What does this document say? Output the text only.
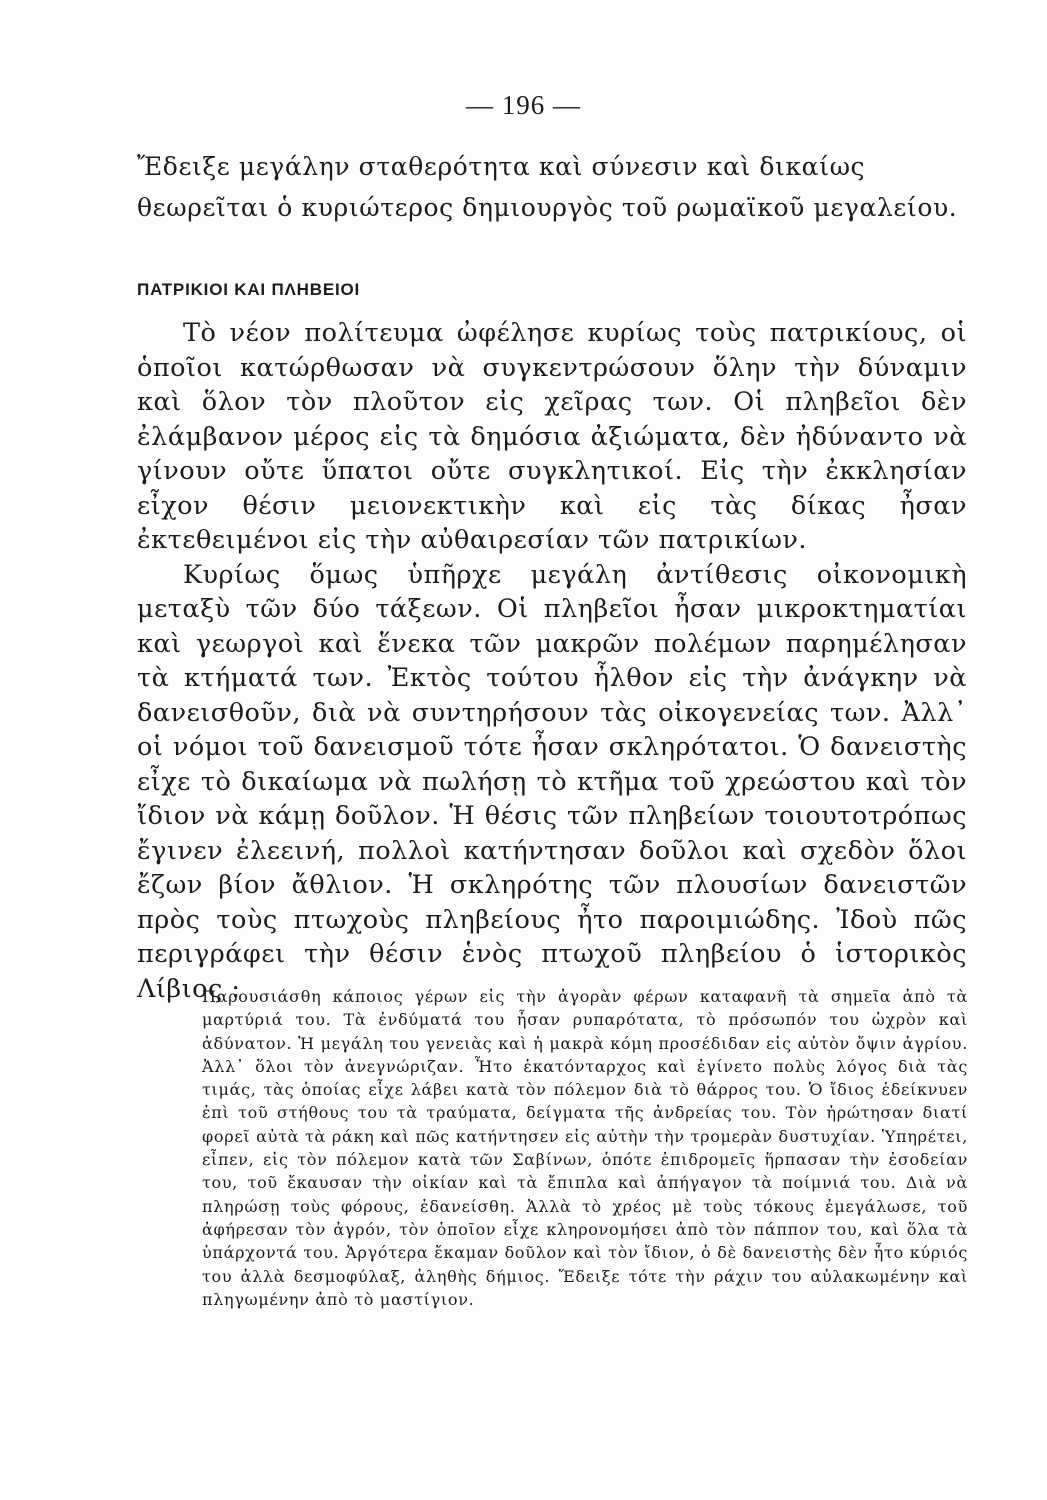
— 196 —

Ἔδειξε μεγάλην σταθερότητα καὶ σύνεσιν καὶ δικαίως θεωρεῖται ὁ κυριώτερος δημιουργὸς τοῦ ρωμαϊκοῦ μεγαλείου.

ΠΑΤΡΙΚΙΟΙ ΚΑΙ ΠΛΗΒΕΙΟΙ

Τὸ νέον πολίτευμα ὠφέλησε κυρίως τοὺς πατρικίους, οἱ ὁποῖοι κατώρθωσαν νὰ συγκεντρώσουν ὅλην τὴν δύναμιν καὶ ὅλον τὸν πλοῦτον εἰς χεῖρας των. Οἱ πληβεῖοι δὲν ἐλάμβανον μέρος εἰς τὰ δημόσια ἀξιώματα, δὲν ἠδύναντο νὰ γίνουν οὔτε ὕπατοι οὔτε συγκλητικοί. Εἰς τὴν ἐκκλησίαν εἶχον θέσιν μειονεκτικὴν καὶ εἰς τὰς δίκας ἦσαν ἐκτεθειμένοι εἰς τὴν αὐθαιρεσίαν τῶν πατρικίων.

Κυρίως ὅμως ὑπῆρχε μεγάλη ἀντίθεσις οἰκονομικὴ μεταξὺ τῶν δύο τάξεων. Οἱ πληβεῖοι ἦσαν μικροκτηματίαι καὶ γεωργοὶ καὶ ἕνεκα τῶν μακρῶν πολέμων παρημέλησαν τὰ κτήματά των. Ἐκτὸς τούτου ἦλθον εἰς τὴν ἀνάγκην νὰ δανεισθοῦν, διὰ νὰ συντηρήσουν τὰς οἰκογενείας των. Ἀλλ᾽ οἱ νόμοι τοῦ δανεισμοῦ τότε ἦσαν σκληρότατοι. Ὁ δανειστὴς εἶχε τὸ δικαίωμα νὰ πωλήσῃ τὸ κτῆμα τοῦ χρεώστου καὶ τὸν ἴδιον νὰ κάμῃ δοῦλον. Ἡ θέσις τῶν πληβείων τοιουτοτρόπως ἔγινεν ἐλεεινή, πολλοὶ κατήντησαν δοῦλοι καὶ σχεδὸν ὅλοι ἔζων βίον ἄθλιον. Ἡ σκληρότης τῶν πλουσίων δανειστῶν πρὸς τοὺς πτωχοὺς πληβείους ἦτο παροιμιώδης. Ἰδοὺ πῶς περιγράφει τὴν θέσιν ἑνὸς πτωχοῦ πληβείου ὁ ἱστορικὸς Λίβιος :

Παρουσιάσθη κάποιος γέρων εἰς τὴν ἀγορὰν φέρων καταφανῆ τὰ σημεῖα ἀπὸ τὰ μαρτύριά του. Τὰ ἐνδύματά του ἦσαν ρυπαρότατα, τὸ πρόσωπόν του ὠχρὸν καὶ ἀδύνατον. Ἡ μεγάλη του γενειὰς καὶ ἡ μακρὰ κόμη προσέδιδαν εἰς αὐτὸν ὄψιν ἀγρίου. Ἀλλ᾽ ὅλοι τὸν ἀνεγνώριζαν. Ἦτο ἑκατόνταρχος καὶ ἐγίνετο πολὺς λόγος διὰ τὰς τιμάς, τὰς ὁποίας εἶχε λάβει κατὰ τὸν πόλεμον διὰ τὸ θάρρος του. Ὁ ἴδιος ἐδείκνυεν ἐπὶ τοῦ στήθους του τὰ τραύματα, δείγματα τῆς ἀνδρείας του. Τὸν ἠρώτησαν διατί φορεῖ αὐτὰ τὰ ράκη καὶ πῶς κατήντησεν εἰς αὐτὴν τὴν τρομερὰν δυστυχίαν. Ὑπηρέτει, εἶπεν, εἰς τὸν πόλεμον κατὰ τῶν Σαβίνων, ὁπότε ἐπιδρομεῖς ἥρπασαν τὴν ἐσοδείαν του, τοῦ ἔκαυσαν τὴν οἰκίαν καὶ τὰ ἔπιπλα καὶ ἀπήγαγον τὰ ποίμνιά του. Διὰ νὰ πληρώσῃ τοὺς φόρους, ἐδανείσθη. Ἀλλὰ τὸ χρέος μὲ τοὺς τόκους ἐμεγάλωσε, τοῦ ἀφήρεσαν τὸν ἀγρόν, τὸν ὁποῖον εἶχε κληρονομήσει ἀπὸ τὸν πάππον του, καὶ ὅλα τὰ ὑπάρχοντά του. Ἀργότερα ἔκαμαν δοῦλον καὶ τὸν ἴδιον, ὁ δὲ δανειστὴς δὲν ἦτο κύριός του ἀλλὰ δεσμοφύλαξ, ἀληθὴς δήμιος. Ἔδειξε τότε τὴν ράχιν του αὐλακωμένην καὶ πληγωμένην ἀπὸ τὸ μαστίγιον.
